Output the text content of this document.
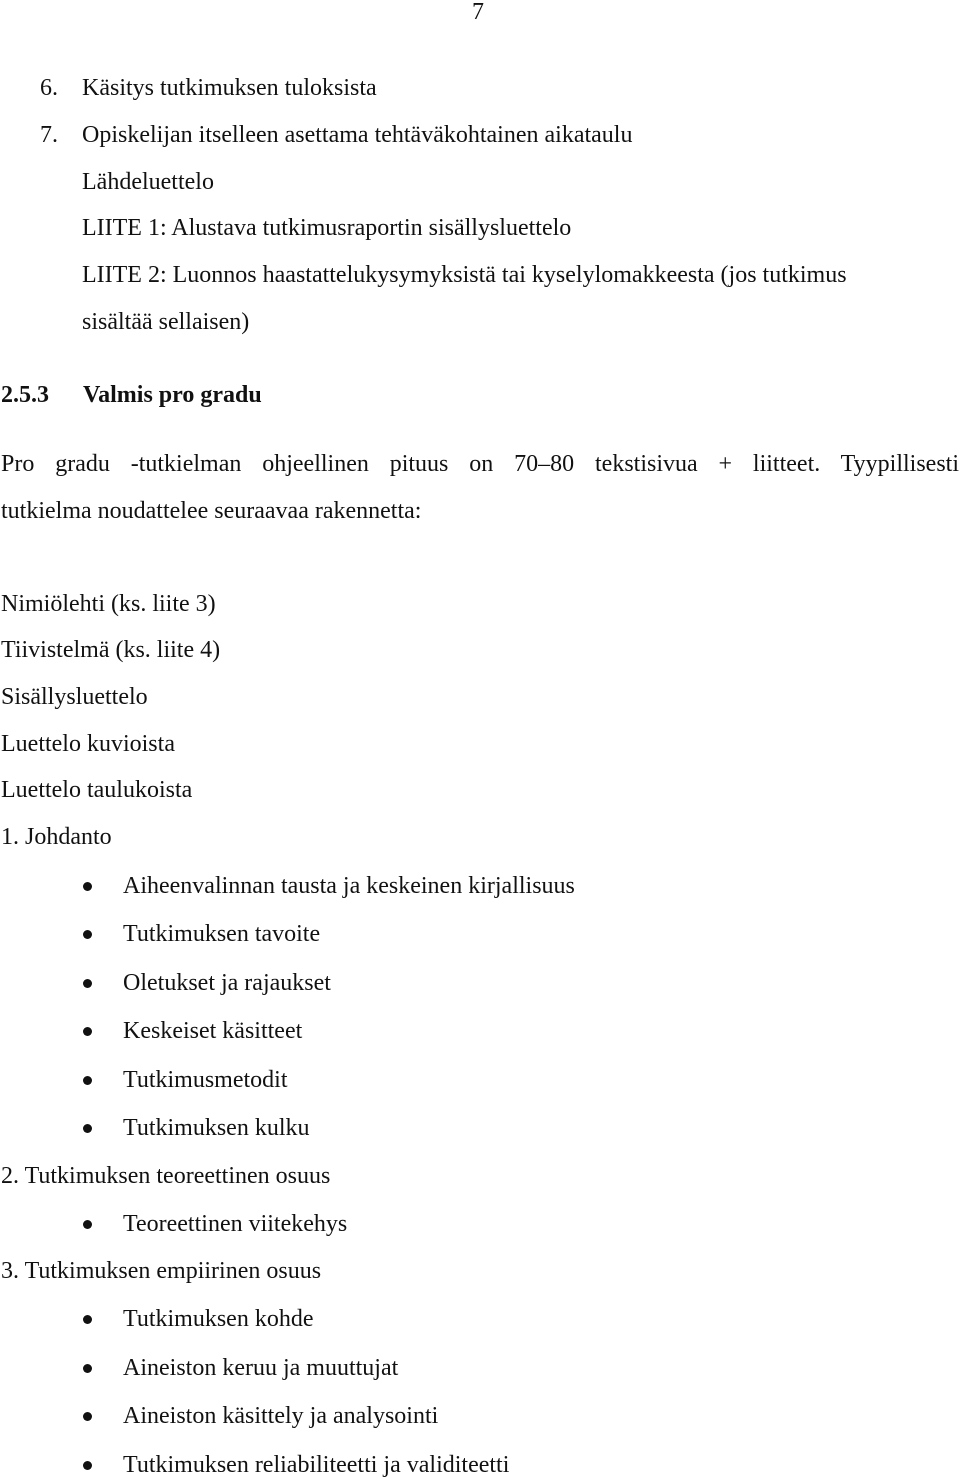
7
6. Käsitys tutkimuksen tuloksista
7. Opiskelijan itselleen asettama tehtäväkohtainen aikataulu
Lähdeluettelo
LIITE 1: Alustava tutkimusraportin sisällysluettelo
LIITE 2: Luonnos haastattelukysymyksistä tai kyselylomakkeesta (jos tutkimus
sisältää sellaisen)
2.5.3 Valmis pro gradu
Pro gradu -tutkielman ohjeellinen pituus on 70–80 tekstisivua + liitteet. Tyypillisesti
tutkielma noudattelee seuraavaa rakennetta:
Nimiölehti (ks. liite 3)
Tiivistelmä (ks. liite 4)
Sisällysluettelo
Luettelo kuvioista
Luettelo taulukoista
1. Johdanto
Aiheenvalinnan tausta ja keskeinen kirjallisuus
Tutkimuksen tavoite
Oletukset ja rajaukset
Keskeiset käsitteet
Tutkimusmetodit
Tutkimuksen kulku
2. Tutkimuksen teoreettinen osuus
Teoreettinen viitekehys
3. Tutkimuksen empiirinen osuus
Tutkimuksen kohde
Aineiston keruu ja muuttujat
Aineiston käsittely ja analysointi
Tutkimuksen reliabiliteetti ja validiteetti
